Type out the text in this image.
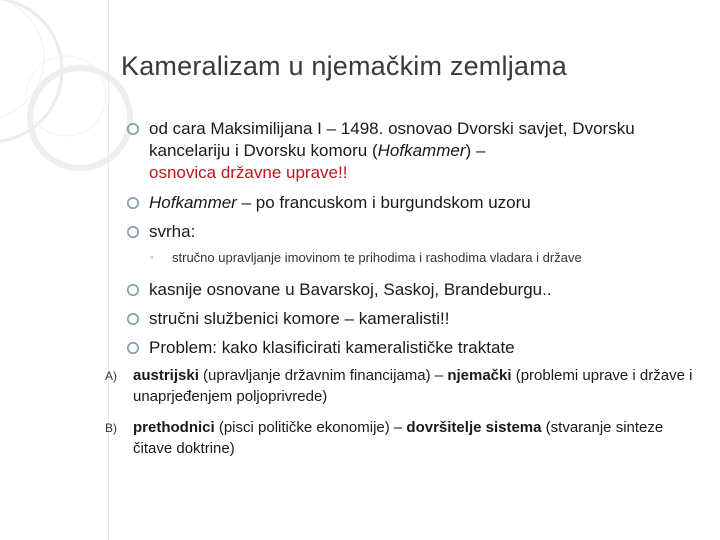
Kameralizam u njemačkim zemljama
od cara Maksimilijana I – 1498. osnovao Dvorski savjet, Dvorsku kancelariju i Dvorsku komoru (Hofkammer) –
osnovica državne uprave!!
Hofkammer – po francuskom i burgundskom uzoru
svrha:
◦ stručno upravljanje imovinom te prihodima i rashodima vladara i države
kasnije osnovane u Bavarskoj, Saskoj, Brandeburgu..
stručni službenici komore – kameralisti!!
Problem: kako klasificirati kameralističke traktate
A) austrijski (upravljanje državnim financijama) – njemački (problemi uprave i države i unaprjeđenjem poljoprivrede)
B) prethodnici (pisci političke ekonomije) – dovršitelje sistema (stvaranje sinteze čitave doktrine)
